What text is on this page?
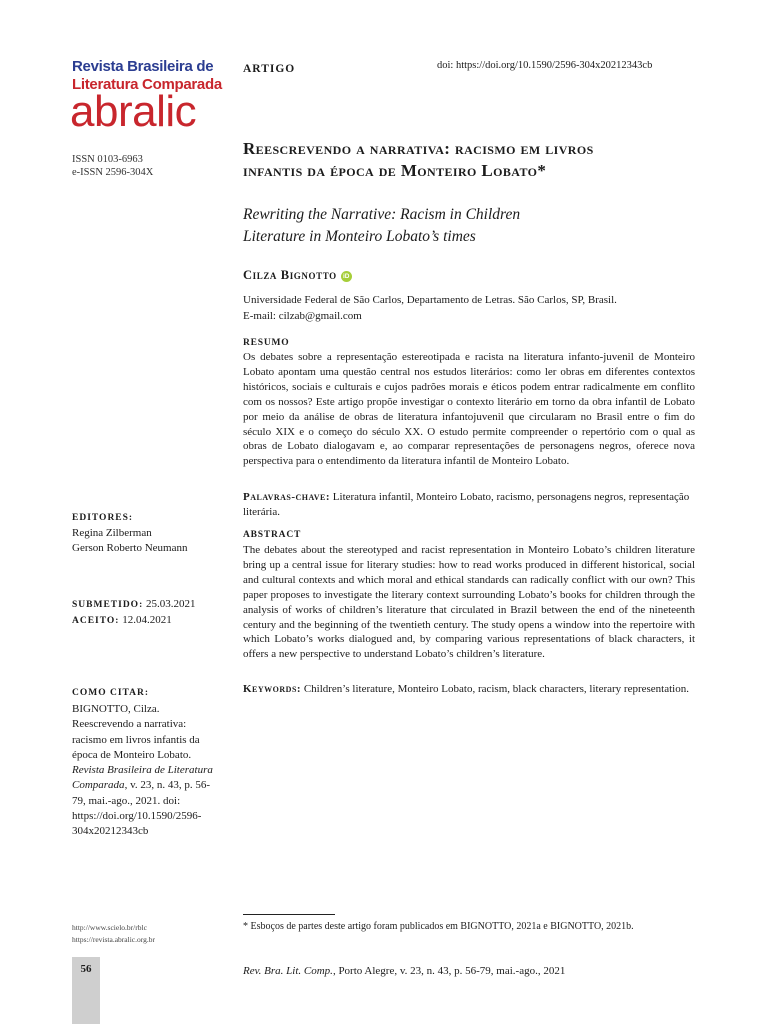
Revista Brasileira de
Literatura Comparada
abralic
ISSN 0103-6963
e-ISSN 2596-304X
ARTIGO	doi: https://doi.org/10.1590/2596-304x20212343cb
Reescrevendo a narrativa: racismo em livros
infantis da época de Monteiro Lobato*
Rewriting the Narrative: Racism in Children
Literature in Monteiro Lobato’s times
Cilza Bignotto iD
Universidade Federal de São Carlos, Departamento de Letras. São Carlos, SP, Brasil.
E-mail: cilzab@gmail.com
RESUMO
Os debates sobre a representação estereotipada e racista na literatura infanto-juvenil de Monteiro Lobato apontam uma questão central nos estudos literários: como ler obras em diferentes contextos históricos, sociais e culturais e cujos padrões morais e éticos podem entrar radicalmente em conflito com os nossos? Este artigo propõe investigar o contexto literário em torno da obra infantil de Lobato por meio da análise de obras de literatura infantojuvenil que circularam no Brasil entre o fim do século XIX e o começo do século XX. O estudo permite compreender o repertório com o qual as obras de Lobato dialogavam e, ao comparar representações de personagens negros, oferece nova perspectiva para o entendimento da literatura infantil de Monteiro Lobato.
Palavras-chave: Literatura infantil, Monteiro Lobato, racismo, personagens negros, representação literária.
ABSTRACT
The debates about the stereotyped and racist representation in Monteiro Lobato’s children literature bring up a central issue for literary studies: how to read works produced in different historical, social and cultural contexts and which moral and ethical standards can radically conflict with our own? This paper proposes to investigate the literary context surrounding Lobato’s books for children through the analysis of works of children’s literature that circulated in Brazil between the end of the nineteenth century and the beginning of the twentieth century. The study opens a window into the repertoire with which Lobato’s works dialogued and, by comparing various representations of black characters, it offers a new perspective to understand Lobato’s children’s literature.
Keywords: Children’s literature, Monteiro Lobato, racism, black characters, literary representation.
EDITORES:
Regina Zilberman
Gerson Roberto Neumann
SUBMETIDO: 25.03.2021
ACEITO: 12.04.2021
COMO CITAR:
BIGNOTTO, Cilza. Reescrevendo a narrativa: racismo em livros infantis da época de Monteiro Lobato. Revista Brasileira de Literatura Comparada, v. 23, n. 43, p. 56-79, mai.-ago., 2021. doi: https://doi.org/10.1590/2596-304x20212343cb
http://www.scielo.br/rblc
https://revista.abralic.org.br
* Esboços de partes deste artigo foram publicados em BIGNOTTO, 2021a e BIGNOTTO, 2021b.
56	Rev. Bra. Lit. Comp., Porto Alegre, v. 23, n. 43, p. 56-79, mai.-ago., 2021
